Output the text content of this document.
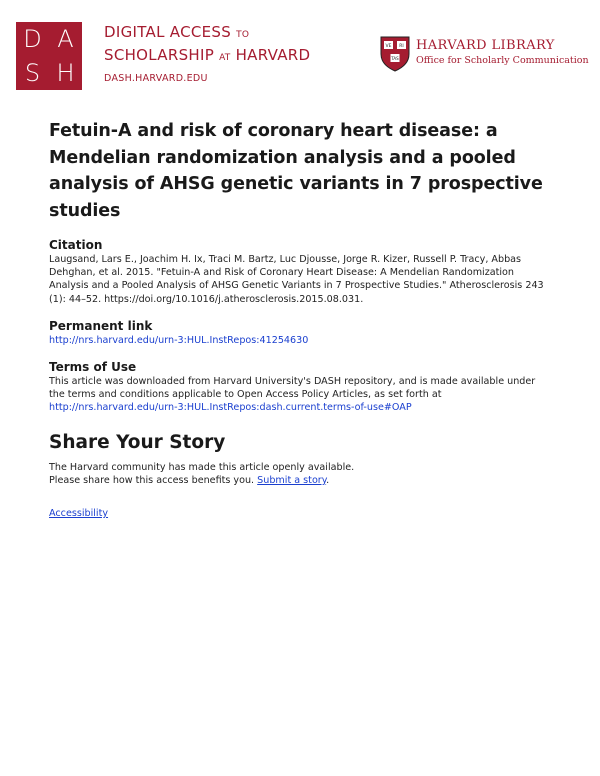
D A
S H
DIGITAL ACCESS TO
SCHOLARSHIP AT HARVARD
DASH.HARVARD.EDU
VE RI
TAS
HARVARD LIBRARY
Office for Scholarly Communication
Fetuin-A and risk of coronary heart disease: a Mendelian randomization analysis and a pooled analysis of AHSG genetic variants in 7 prospective studies
Citation
Laugsand, Lars E., Joachim H. Ix, Traci M. Bartz, Luc Djousse, Jorge R. Kizer, Russell P. Tracy, Abbas Dehghan, et al. 2015. "Fetuin-A and Risk of Coronary Heart Disease: A Mendelian Randomization Analysis and a Pooled Analysis of AHSG Genetic Variants in 7 Prospective Studies." Atherosclerosis 243 (1): 44–52. https://doi.org/10.1016/j.atherosclerosis.2015.08.031.
Permanent link
http://nrs.harvard.edu/urn-3:HUL.InstRepos:41254630
Terms of Use
This article was downloaded from Harvard University's DASH repository, and is made available under the terms and conditions applicable to Open Access Policy Articles, as set forth at http://nrs.harvard.edu/urn-3:HUL.InstRepos:dash.current.terms-of-use#OAP
Share Your Story
The Harvard community has made this article openly available.
Please share how this access benefits you. Submit a story.
Accessibility
